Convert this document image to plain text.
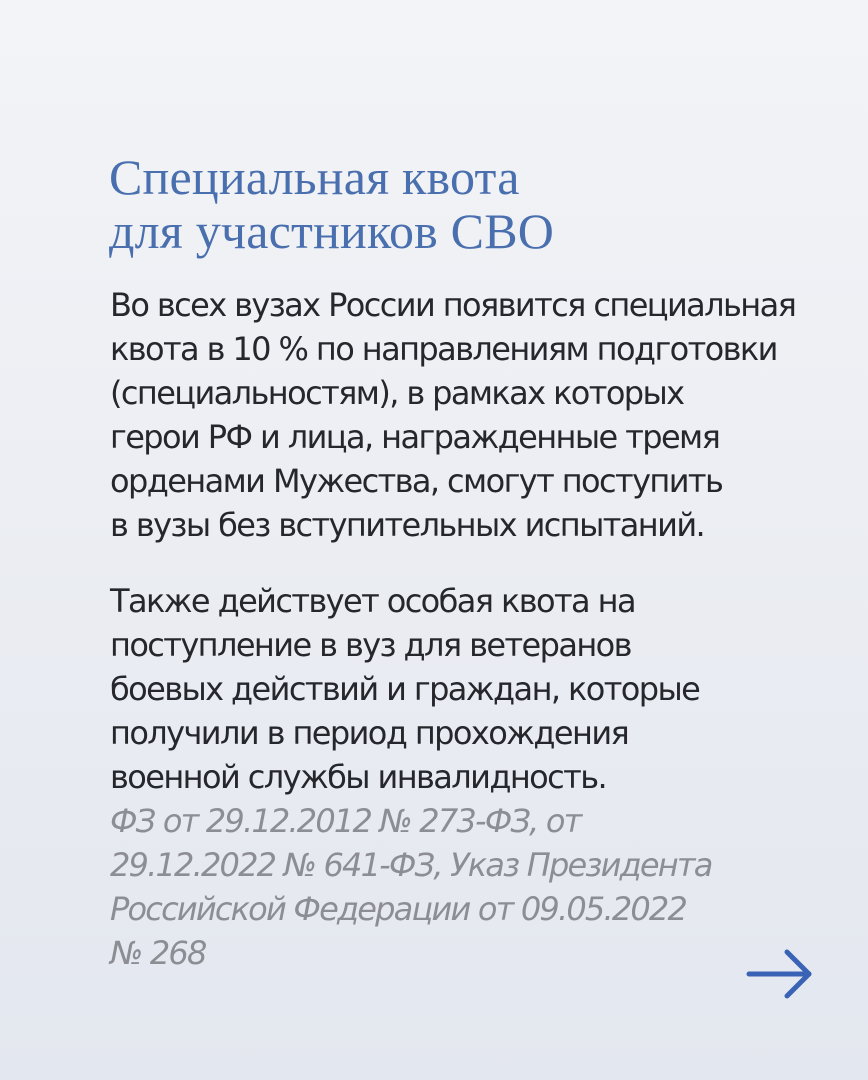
Специальная квота
для участников СВО

Во всех вузах России появится специальная
квота в 10 % по направлениям подготовки
(специальностям), в рамках которых
герои РФ и лица, награжденные тремя
орденами Мужества, смогут поступить
в вузы без вступительных испытаний.

Также действует особая квота на
поступление в вуз для ветеранов
боевых действий и граждан, которые
получили в период прохождения
военной службы инвалидность.

ФЗ от 29.12.2012 № 273-ФЗ, от
29.12.2022 № 641-ФЗ, Указ Президента
Российской Федерации от 09.05.2022
№ 268
